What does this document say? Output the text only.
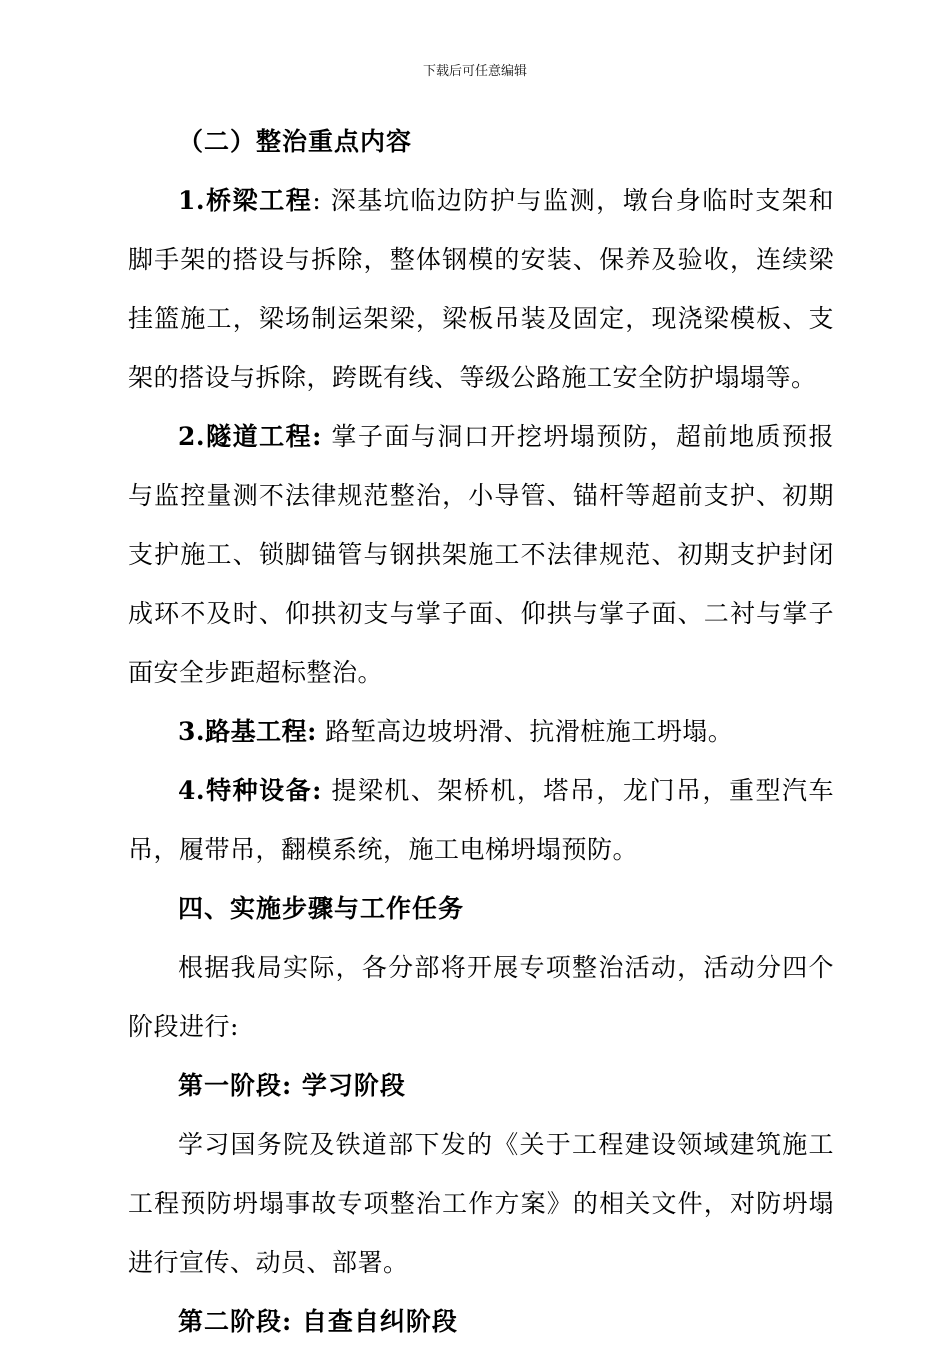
下载后可任意编辑

（二）整治重点内容

1.桥梁工程: 深基坑临边防护与监测，墩台身临时支架和脚手架的搭设与拆除，整体钢模的安装、保养及验收，连续梁挂篮施工，梁场制运架梁，梁板吊装及固定，现浇梁模板、支架的搭设与拆除，跨既有线、等级公路施工安全防护塌塌等。

2.隧道工程: 掌子面与洞口开挖坍塌预防，超前地质预报与监控量测不法律规范整治，小导管、锚杆等超前支护、初期支护施工、锁脚锚管与钢拱架施工不法律规范、初期支护封闭成环不及时、仰拱初支与掌子面、仰拱与掌子面、二衬与掌子面安全步距超标整治。

3.路基工程: 路堑高边坡坍滑、抗滑桩施工坍塌。

4.特种设备: 提梁机、架桥机，塔吊，龙门吊，重型汽车吊，履带吊，翻模系统，施工电梯坍塌预防。

四、实施步骤与工作任务

根据我局实际，各分部将开展专项整治活动，活动分四个阶段进行:

第一阶段: 学习阶段

学习国务院及铁道部下发的《关于工程建设领域建筑施工工程预防坍塌事故专项整治工作方案》的相关文件，对防坍塌进行宣传、动员、部署。

第二阶段: 自查自纠阶段
